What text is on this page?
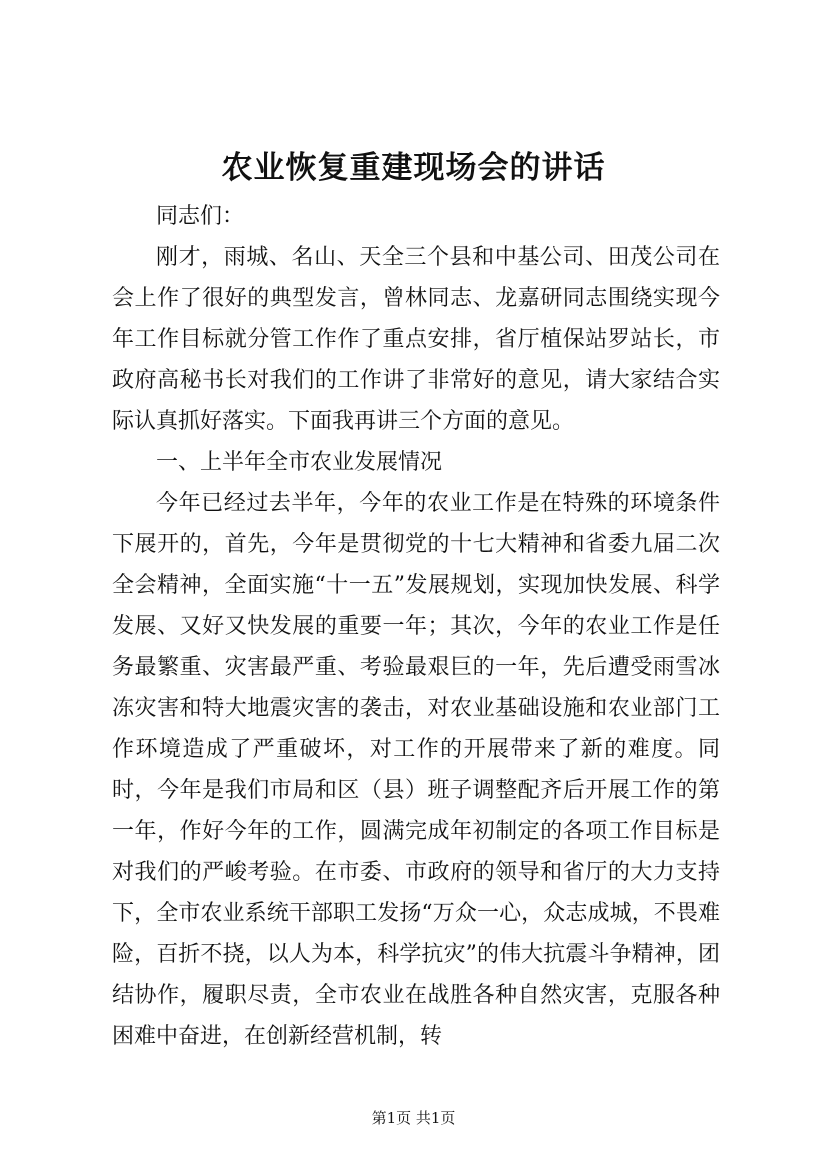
农业恢复重建现场会的讲话

同志们：

刚才，雨城、名山、天全三个县和中基公司、田茂公司在会上作了很好的典型发言，曾林同志、龙嘉研同志围绕实现今年工作目标就分管工作作了重点安排，省厅植保站罗站长，市政府高秘书长对我们的工作讲了非常好的意见，请大家结合实际认真抓好落实。下面我再讲三个方面的意见。

一、上半年全市农业发展情况

今年已经过去半年，今年的农业工作是在特殊的环境条件下展开的，首先，今年是贯彻党的十七大精神和省委九届二次全会精神，全面实施“十一五”发展规划，实现加快发展、科学发展、又好又快发展的重要一年；其次，今年的农业工作是任务最繁重、灾害最严重、考验最艰巨的一年，先后遭受雨雪冰冻灾害和特大地震灾害的袭击，对农业基础设施和农业部门工作环境造成了严重破坏，对工作的开展带来了新的难度。同时，今年是我们市局和区（县）班子调整配齐后开展工作的第一年，作好今年的工作，圆满完成年初制定的各项工作目标是对我们的严峻考验。在市委、市政府的领导和省厅的大力支持下，全市农业系统干部职工发扬“万众一心，众志成城，不畏难险，百折不挠，以人为本，科学抗灾”的伟大抗震斗争精神，团结协作，履职尽责，全市农业在战胜各种自然灾害，克服各种困难中奋进，在创新经营机制，转

第1页 共1页
